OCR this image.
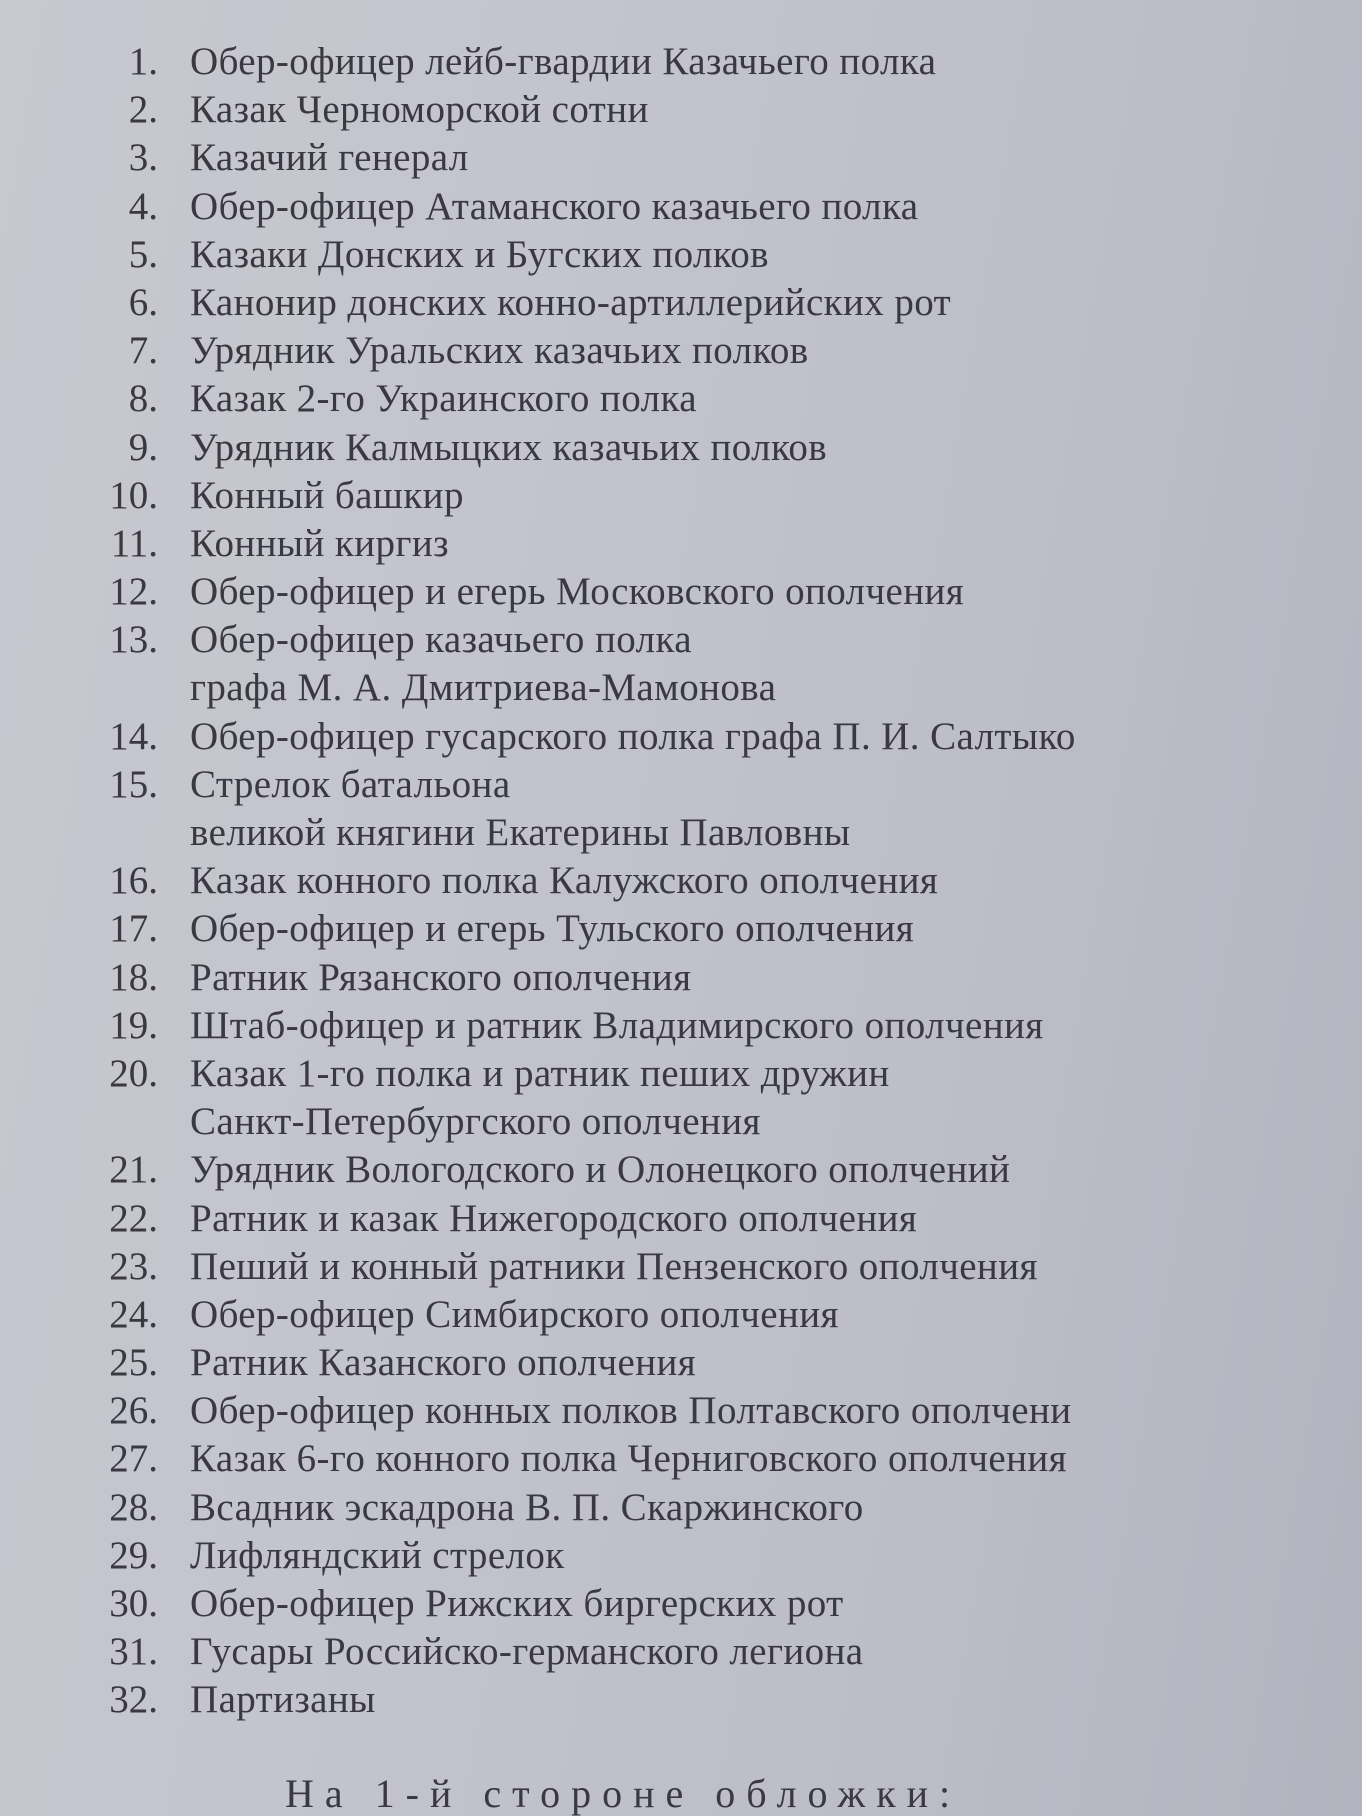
1. Обер-офицер лейб-гвардии Казачьего полка
2. Казак Черноморской сотни
3. Казачий генерал
4. Обер-офицер Атаманского казачьего полка
5. Казаки Донских и Бугских полков
6. Канонир донских конно-артиллерийских рот
7. Урядник Уральских казачьих полков
8. Казак 2-го Украинского полка
9. Урядник Калмыцких казачьих полков
10. Конный башкир
11. Конный киргиз
12. Обер-офицер и егерь Московского ополчения
13. Обер-офицер казачьего полка
графа М. А. Дмитриева-Мамонова
14. Обер-офицер гусарского полка графа П. И. Салтыко
15. Стрелок батальона
великой княгини Екатерины Павловны
16. Казак конного полка Калужского ополчения
17. Обер-офицер и егерь Тульского ополчения
18. Ратник Рязанского ополчения
19. Штаб-офицер и ратник Владимирского ополчения
20. Казак 1-го полка и ратник пеших дружин
Санкт-Петербургского ополчения
21. Урядник Вологодского и Олонецкого ополчений
22. Ратник и казак Нижегородского ополчения
23. Пеший и конный ратники Пензенского ополчения
24. Обер-офицер Симбирского ополчения
25. Ратник Казанского ополчения
26. Обер-офицер конных полков Полтавского ополчени
27. Казак 6-го конного полка Черниговского ополчения
28. Всадник эскадрона В. П. Скаржинского
29. Лифляндский стрелок
30. Обер-офицер Рижских биргерских рот
31. Гусары Российско-германского легиона
32. Партизаны
На 1-й стороне обложки:
